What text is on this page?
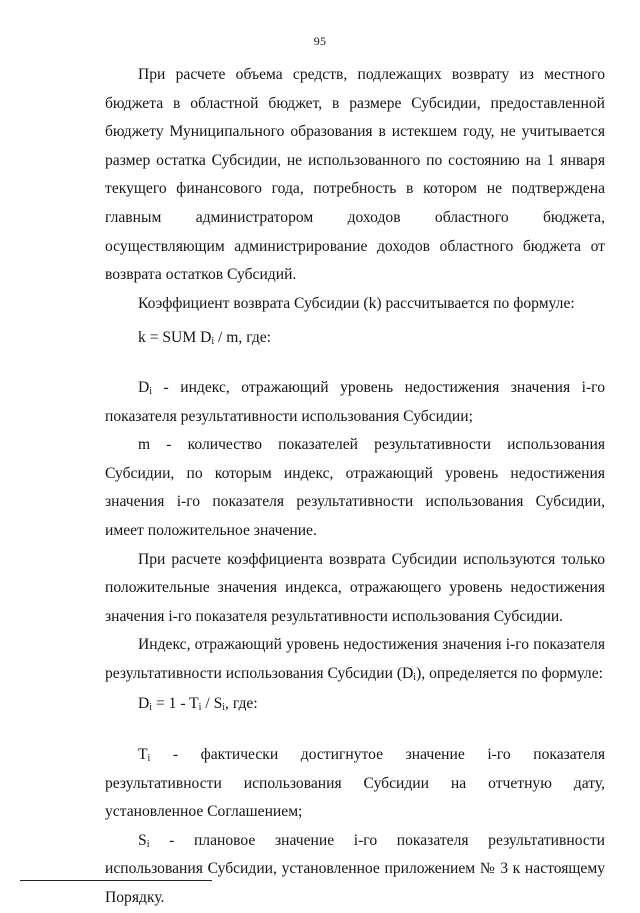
95

При расчете объема средств, подлежащих возврату из местного бюджета в областной бюджет, в размере Субсидии, предоставленной бюджету Муниципального образования в истекшем году, не учитывается размер остатка Субсидии, не использованного по состоянию на 1 января текущего финансового года, потребность в котором не подтверждена главным администратором доходов областного бюджета, осуществляющим администрирование доходов областного бюджета от возврата остатков Субсидий.

Коэффициент возврата Субсидии (k) рассчитывается по формуле:

k = SUM $D_i$ / m, где:

$D_i$ - индекс, отражающий уровень недостижения значения i-го показателя результативности использования Субсидии;

m - количество показателей результативности использования Субсидии, по которым индекс, отражающий уровень недостижения значения i-го показателя результативности использования Субсидии, имеет положительное значение.

При расчете коэффициента возврата Субсидии используются только положительные значения индекса, отражающего уровень недостижения значения i-го показателя результативности использования Субсидии.

Индекс, отражающий уровень недостижения значения i-го показателя результативности использования Субсидии $(D_i)$, определяется по формуле:

$D_i = 1 - T_i / S_i$, где:

$T_i$ - фактически достигнутое значение i-го показателя результативности использования Субсидии на отчетную дату, установленное Соглашением;

$S_i$ - плановое значение i-го показателя результативности использования Субсидии, установленное приложением № 3 к настоящему Порядку.
